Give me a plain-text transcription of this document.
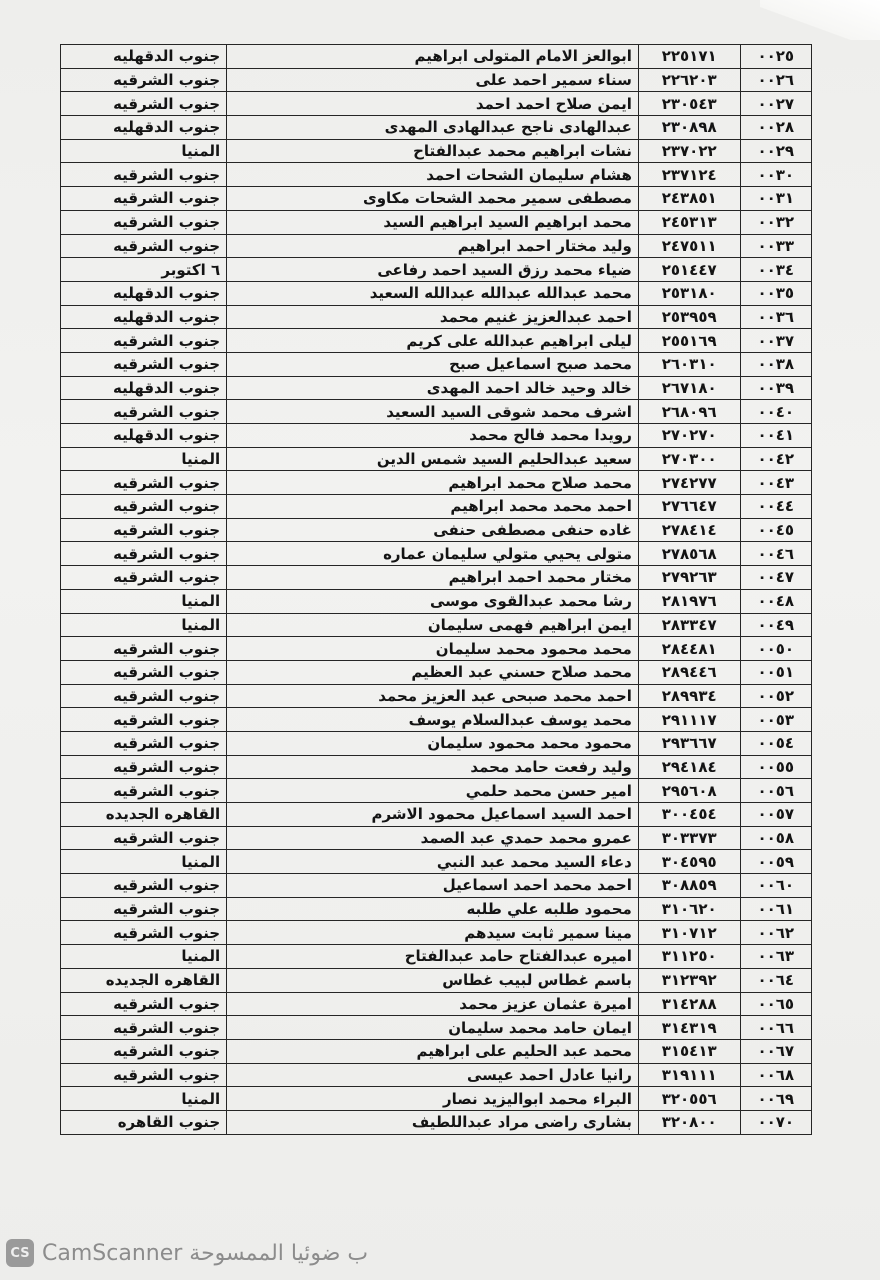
٠٠٢٥	٢٢٥١٧١	ابوالعز الامام المتولى ابراهيم	جنوب الدقهليه
٠٠٢٦	٢٢٦٢٠٣	سناء سمير احمد على	جنوب الشرقيه
٠٠٢٧	٢٣٠٥٤٣	ايمن صلاح احمد احمد	جنوب الشرقيه
٠٠٢٨	٢٣٠٨٩٨	عبدالهادى ناجح عبدالهادى المهدى	جنوب الدقهليه
٠٠٢٩	٢٣٧٠٢٢	نشات ابراهيم محمد عبدالفتاح	المنيا
٠٠٣٠	٢٣٧١٢٤	هشام سليمان الشحات احمد	جنوب الشرقيه
٠٠٣١	٢٤٣٨٥١	مصطفى سمير محمد الشحات مكاوى	جنوب الشرقيه
٠٠٣٢	٢٤٥٣١٣	محمد ابراهيم السيد ابراهيم السيد	جنوب الشرقيه
٠٠٣٣	٢٤٧٥١١	وليد مختار احمد ابراهيم	جنوب الشرقيه
٠٠٣٤	٢٥١٤٤٧	ضياء محمد رزق السيد احمد رفاعى	٦ اكتوبر
٠٠٣٥	٢٥٣١٨٠	محمد عبدالله عبدالله عبدالله السعيد	جنوب الدقهليه
٠٠٣٦	٢٥٣٩٥٩	احمد عبدالعزيز غنيم محمد	جنوب الدقهليه
٠٠٣٧	٢٥٥١٦٩	ليلى ابراهيم عبدالله على كريم	جنوب الشرقيه
٠٠٣٨	٢٦٠٣١٠	محمد صبح اسماعيل صبح	جنوب الشرقيه
٠٠٣٩	٢٦٧١٨٠	خالد وحيد خالد احمد المهدى	جنوب الدقهليه
٠٠٤٠	٢٦٨٠٩٦	اشرف محمد شوقى السيد السعيد	جنوب الشرقيه
٠٠٤١	٢٧٠٢٧٠	رويدا محمد فالح محمد	جنوب الدقهليه
٠٠٤٢	٢٧٠٣٠٠	سعيد عبدالحليم السيد شمس الدين	المنيا
٠٠٤٣	٢٧٤٢٧٧	محمد صلاح محمد ابراهيم	جنوب الشرقيه
٠٠٤٤	٢٧٦٦٤٧	احمد محمد محمد ابراهيم	جنوب الشرقيه
٠٠٤٥	٢٧٨٤١٤	غاده حنفى مصطفى حنفى	جنوب الشرقيه
٠٠٤٦	٢٧٨٥٦٨	متولى يحيي متولي سليمان عماره	جنوب الشرقيه
٠٠٤٧	٢٧٩٢٦٣	مختار محمد احمد ابراهيم	جنوب الشرقيه
٠٠٤٨	٢٨١٩٧٦	رشا محمد عبدالقوى موسى	المنيا
٠٠٤٩	٢٨٣٣٤٧	ايمن ابراهيم فهمى سليمان	المنيا
٠٠٥٠	٢٨٤٤٨١	محمد محمود محمد سليمان	جنوب الشرقيه
٠٠٥١	٢٨٩٤٤٦	محمد صلاح حسني عبد العظيم	جنوب الشرقيه
٠٠٥٢	٢٨٩٩٣٤	احمد محمد صبحى عبد العزيز محمد	جنوب الشرقيه
٠٠٥٣	٢٩١١١٧	محمد يوسف عبدالسلام يوسف	جنوب الشرقيه
٠٠٥٤	٢٩٣٦٦٧	محمود محمد محمود سليمان	جنوب الشرقيه
٠٠٥٥	٢٩٤١٨٤	وليد رفعت حامد محمد	جنوب الشرقيه
٠٠٥٦	٢٩٥٦٠٨	امير حسن محمد حلمي	جنوب الشرقيه
٠٠٥٧	٣٠٠٤٥٤	احمد السيد اسماعيل محمود الاشرم	القاهره الجديده
٠٠٥٨	٣٠٣٣٧٣	عمرو محمد حمدي عبد الصمد	جنوب الشرقيه
٠٠٥٩	٣٠٤٥٩٥	دعاء السيد محمد عبد النبي	المنيا
٠٠٦٠	٣٠٨٨٥٩	احمد محمد احمد اسماعيل	جنوب الشرقيه
٠٠٦١	٣١٠٦٢٠	محمود طلبه علي طلبه	جنوب الشرقيه
٠٠٦٢	٣١٠٧١٢	مينا سمير ثابت سيدهم	جنوب الشرقيه
٠٠٦٣	٣١١٢٥٠	اميره عبدالفتاح حامد عبدالفتاح	المنيا
٠٠٦٤	٣١٢٣٩٢	باسم غطاس لبيب غطاس	القاهره الجديده
٠٠٦٥	٣١٤٢٨٨	اميرة عثمان عزيز محمد	جنوب الشرقيه
٠٠٦٦	٣١٤٣١٩	ايمان حامد محمد سليمان	جنوب الشرقيه
٠٠٦٧	٣١٥٤١٣	محمد عبد الحليم على ابراهيم	جنوب الشرقيه
٠٠٦٨	٣١٩١١١	رانيا عادل احمد عيسى	جنوب الشرقيه
٠٠٦٩	٣٢٠٥٥٦	البراء محمد ابواليزيد نصار	المنيا
٠٠٧٠	٣٢٠٨٠٠	بشارى راضى مراد عبداللطيف	جنوب القاهره
CS CamScanner ب ضوئيا الممسوحة
